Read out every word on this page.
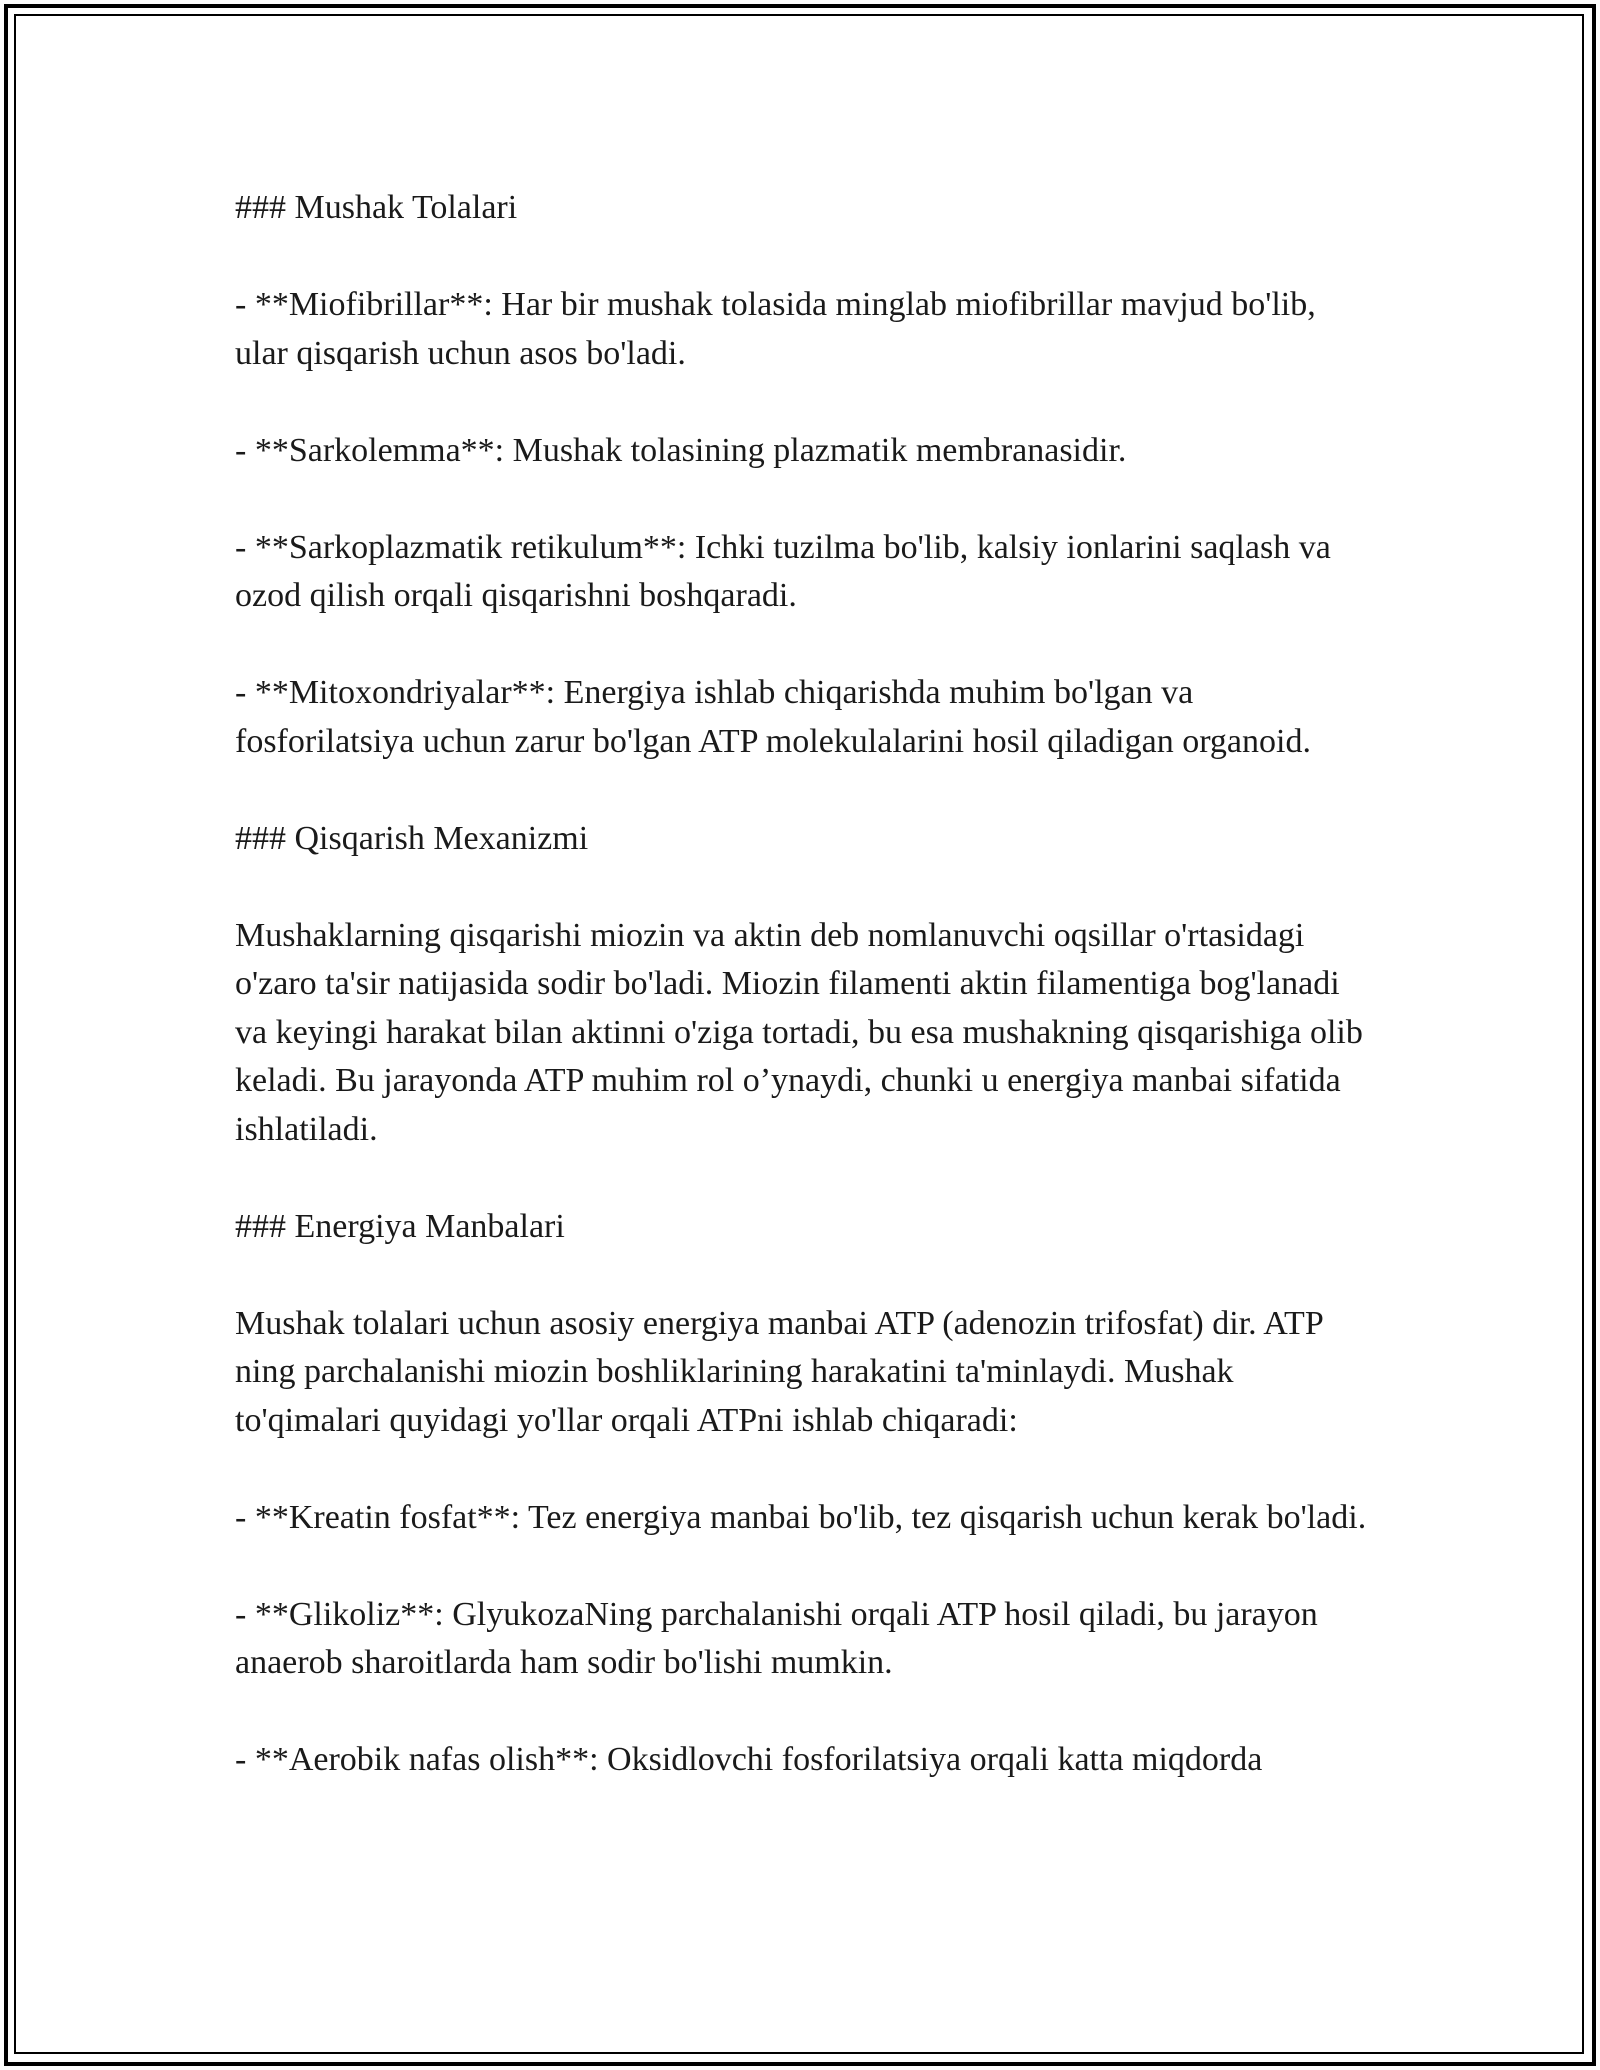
### Mushak Tolalari

- **Miofibrillar**: Har bir mushak tolasida minglab miofibrillar mavjud bo'lib, ular qisqarish uchun asos bo'ladi.

- **Sarkolemma**: Mushak tolasining plazmatik membranasidir.

- **Sarkoplazmatik retikulum**: Ichki tuzilma bo'lib, kalsiy ionlarini saqlash va ozod qilish orqali qisqarishni boshqaradi.

- **Mitoxondriyalar**: Energiya ishlab chiqarishda muhim bo'lgan va fosforilatsiya uchun zarur bo'lgan ATP molekulalarini hosil qiladigan organoid.

### Qisqarish Mexanizmi

Mushaklarning qisqarishi miozin va aktin deb nomlanuvchi oqsillar o'rtasidagi o'zaro ta'sir natijasida sodir bo'ladi. Miozin filamenti aktin filamentiga bog'lanadi va keyingi harakat bilan aktinni o'ziga tortadi, bu esa mushakning qisqarishiga olib keladi. Bu jarayonda ATP muhim rol o’ynaydi, chunki u energiya manbai sifatida ishlatiladi.

### Energiya Manbalari

Mushak tolalari uchun asosiy energiya manbai ATP (adenozin trifosfat) dir. ATP ning parchalanishi miozin boshliklarining harakatini ta'minlaydi. Mushak to'qimalari quyidagi yo'llar orqali ATPni ishlab chiqaradi:

- **Kreatin fosfat**: Tez energiya manbai bo'lib, tez qisqarish uchun kerak bo'ladi.

- **Glikoliz**: GlyukozaNing parchalanishi orqali ATP hosil qiladi, bu jarayon anaerob sharoitlarda ham sodir bo'lishi mumkin.

- **Aerobik nafas olish**: Oksidlovchi fosforilatsiya orqali katta miqdorda
